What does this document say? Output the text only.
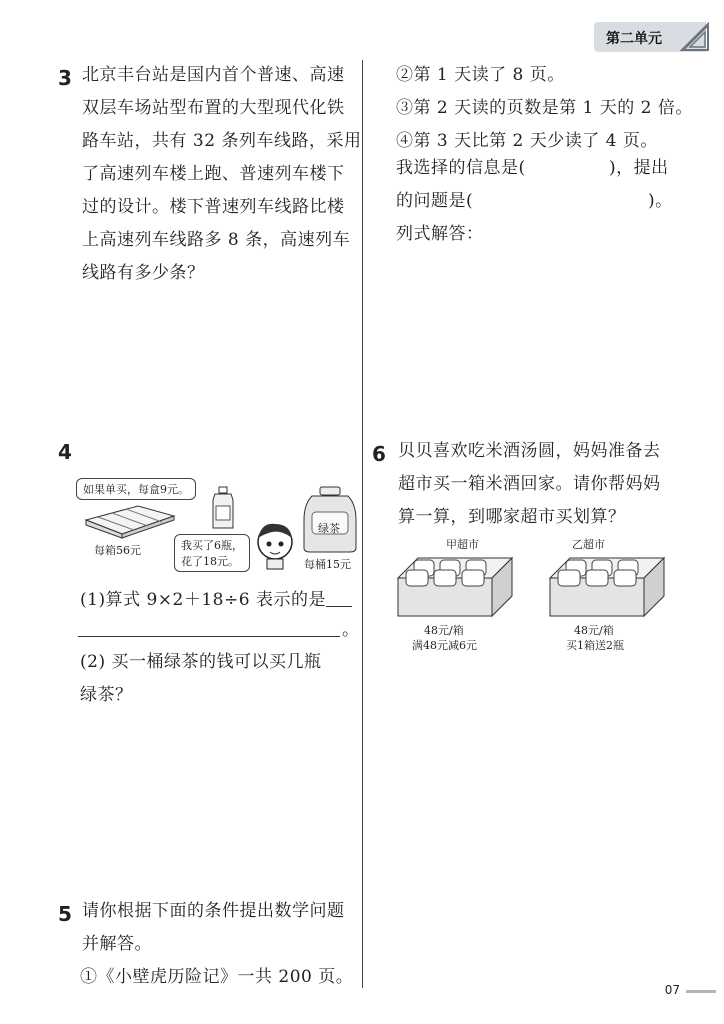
第二单元
3 北京丰台站是国内首个普速、高速
双层车场站型布置的大型现代化铁
路车站，共有 32 条列车线路，采用
了高速列车楼上跑、普速列车楼下
过的设计。楼下普速列车线路比楼
上高速列车线路多 8 条，高速列车
线路有多少条？
②第 1 天读了 8 页。
③第 2 天读的页数是第 1 天的 2 倍。
④第 3 天比第 2 天少读了 4 页。
我选择的信息是(	)，提出
的问题是(	)。
列式解答：
4
如果单买，每盒9元。
每箱56元	我买了6瓶，
花了18元。
绿茶
每桶15元
(1)算式 9×2＋18÷6 表示的是
。
(2) 买一桶绿茶的钱可以买几瓶
绿茶？
5 请你根据下面的条件提出数学问题
并解答。
①《小壁虎历险记》一共 200 页。
6 贝贝喜欢吃米酒汤圆，妈妈准备去
超市买一箱米酒回家。请你帮妈妈
算一算，到哪家超市买划算？
甲超市
48元/箱
满48元减6元
乙超市
48元/箱
买1箱送2瓶
07
